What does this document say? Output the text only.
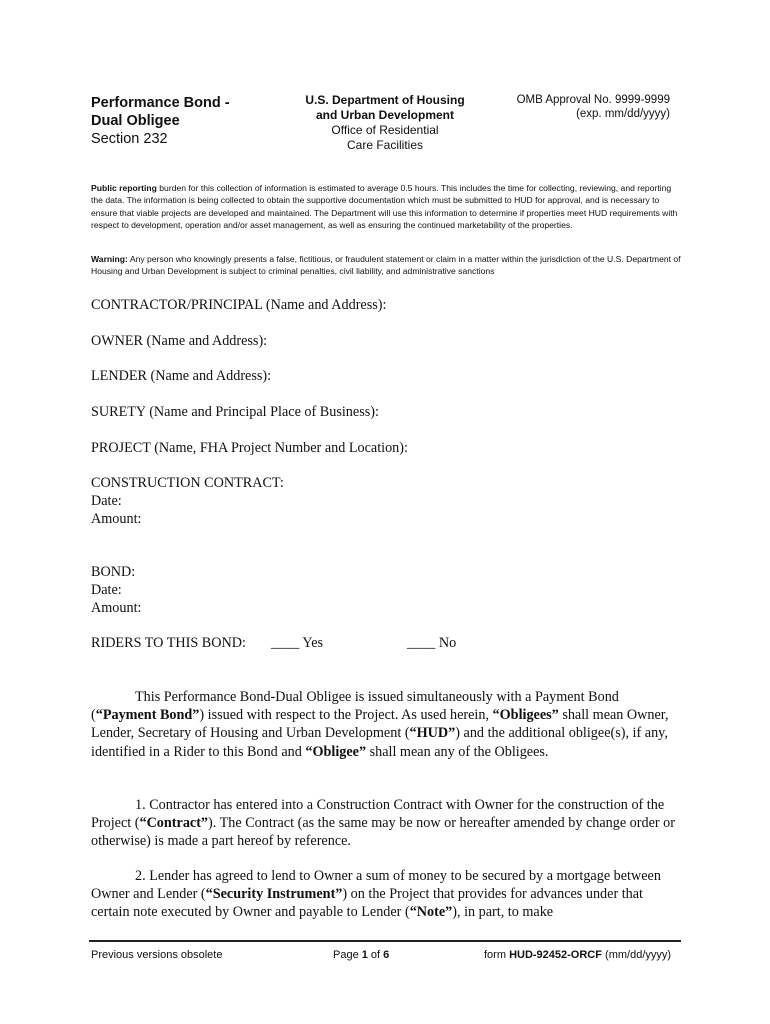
Performance Bond -
Dual Obligee
Section 232
U.S. Department of Housing
and Urban Development
Office of Residential
Care Facilities
OMB Approval No. 9999-9999
(exp. mm/dd/yyyy)
Public reporting burden for this collection of information is estimated to average 0.5 hours. This includes the time for collecting, reviewing, and reporting the data. The information is being collected to obtain the supportive documentation which must be submitted to HUD for approval, and is necessary to ensure that viable projects are developed and maintained. The Department will use this information to determine if properties meet HUD requirements with respect to development, operation and/or asset management, as well as ensuring the continued marketability of the properties.
Warning: Any person who knowingly presents a false, fictitious, or fraudulent statement or claim in a matter within the jurisdiction of the U.S. Department of Housing and Urban Development is subject to criminal penalties, civil liability, and administrative sanctions
CONTRACTOR/PRINCIPAL (Name and Address):
OWNER (Name and Address):
LENDER (Name and Address):
SURETY (Name and Principal Place of Business):
PROJECT (Name, FHA Project Number and Location):
CONSTRUCTION CONTRACT:
Date:
Amount:
BOND:
Date:
Amount:
RIDERS TO THIS BOND: ____ Yes	____ No
This Performance Bond-Dual Obligee is issued simultaneously with a Payment Bond (“Payment Bond”) issued with respect to the Project. As used herein, “Obligees” shall mean Owner, Lender, Secretary of Housing and Urban Development (“HUD”) and the additional obligee(s), if any, identified in a Rider to this Bond and “Obligee” shall mean any of the Obligees.
1. Contractor has entered into a Construction Contract with Owner for the construction of the Project (“Contract”). The Contract (as the same may be now or hereafter amended by change order or otherwise) is made a part hereof by reference.
2. Lender has agreed to lend to Owner a sum of money to be secured by a mortgage between Owner and Lender (“Security Instrument”) on the Project that provides for advances under that certain note executed by Owner and payable to Lender (“Note”), in part, to make
Previous versions obsolete	Page 1 of 6	form HUD-92452-ORCF (mm/dd/yyyy)
